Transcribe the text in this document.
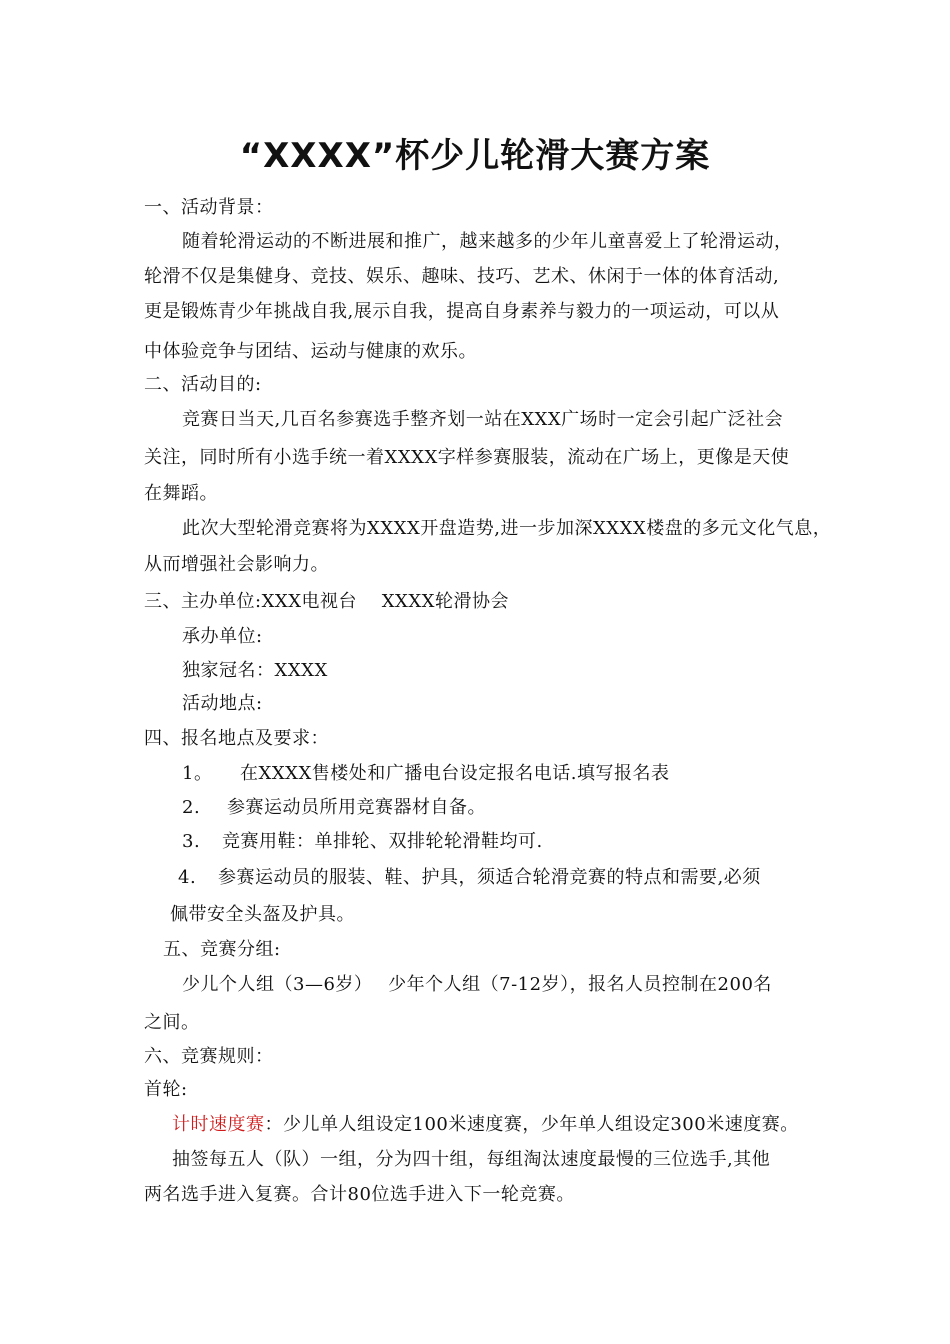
“XXXX”杯少儿轮滑大赛方案
一、活动背景：
随着轮滑运动的不断进展和推广，越来越多的少年儿童喜爱上了轮滑运动，
轮滑不仅是集健身、竞技、娱乐、趣味、技巧、艺术、休闲于一体的体育活动,
更是锻炼青少年挑战自我,展示自我，提高自身素养与毅力的一项运动，可以从
中体验竞争与团结、运动与健康的欢乐。
二、活动目的:
竞赛日当天,几百名参赛选手整齐划一站在XXX广场时一定会引起广泛社会
关注，同时所有小选手统一着XXXX字样参赛服装，流动在广场上，更像是天使
在舞蹈。
此次大型轮滑竞赛将为XXXX开盘造势,进一步加深XXXX楼盘的多元文化气息，
从而增强社会影响力。
三、主办单位:XXX电视台　 XXXX轮滑协会
承办单位:
独家冠名：XXXX
活动地点:
四、报名地点及要求：
1。 在XXXX售楼处和广播电台设定报名电话.填写报名表
2. 参赛运动员所用竞赛器材自备。
3. 竞赛用鞋：单排轮、双排轮轮滑鞋均可.
4. 参赛运动员的服装、鞋、护具，须适合轮滑竞赛的特点和需要,必须
佩带安全头盔及护具。
五、竞赛分组:
少儿个人组（3—6岁）　 少年个人组（7-12岁），报名人员控制在200名
之间。
六、竞赛规则：
首轮:
计时速度赛：少儿单人组设定100米速度赛，少年单人组设定300米速度赛。
抽签每五人（队）一组，分为四十组，每组淘汰速度最慢的三位选手,其他
两名选手进入复赛。合计80位选手进入下一轮竞赛。
